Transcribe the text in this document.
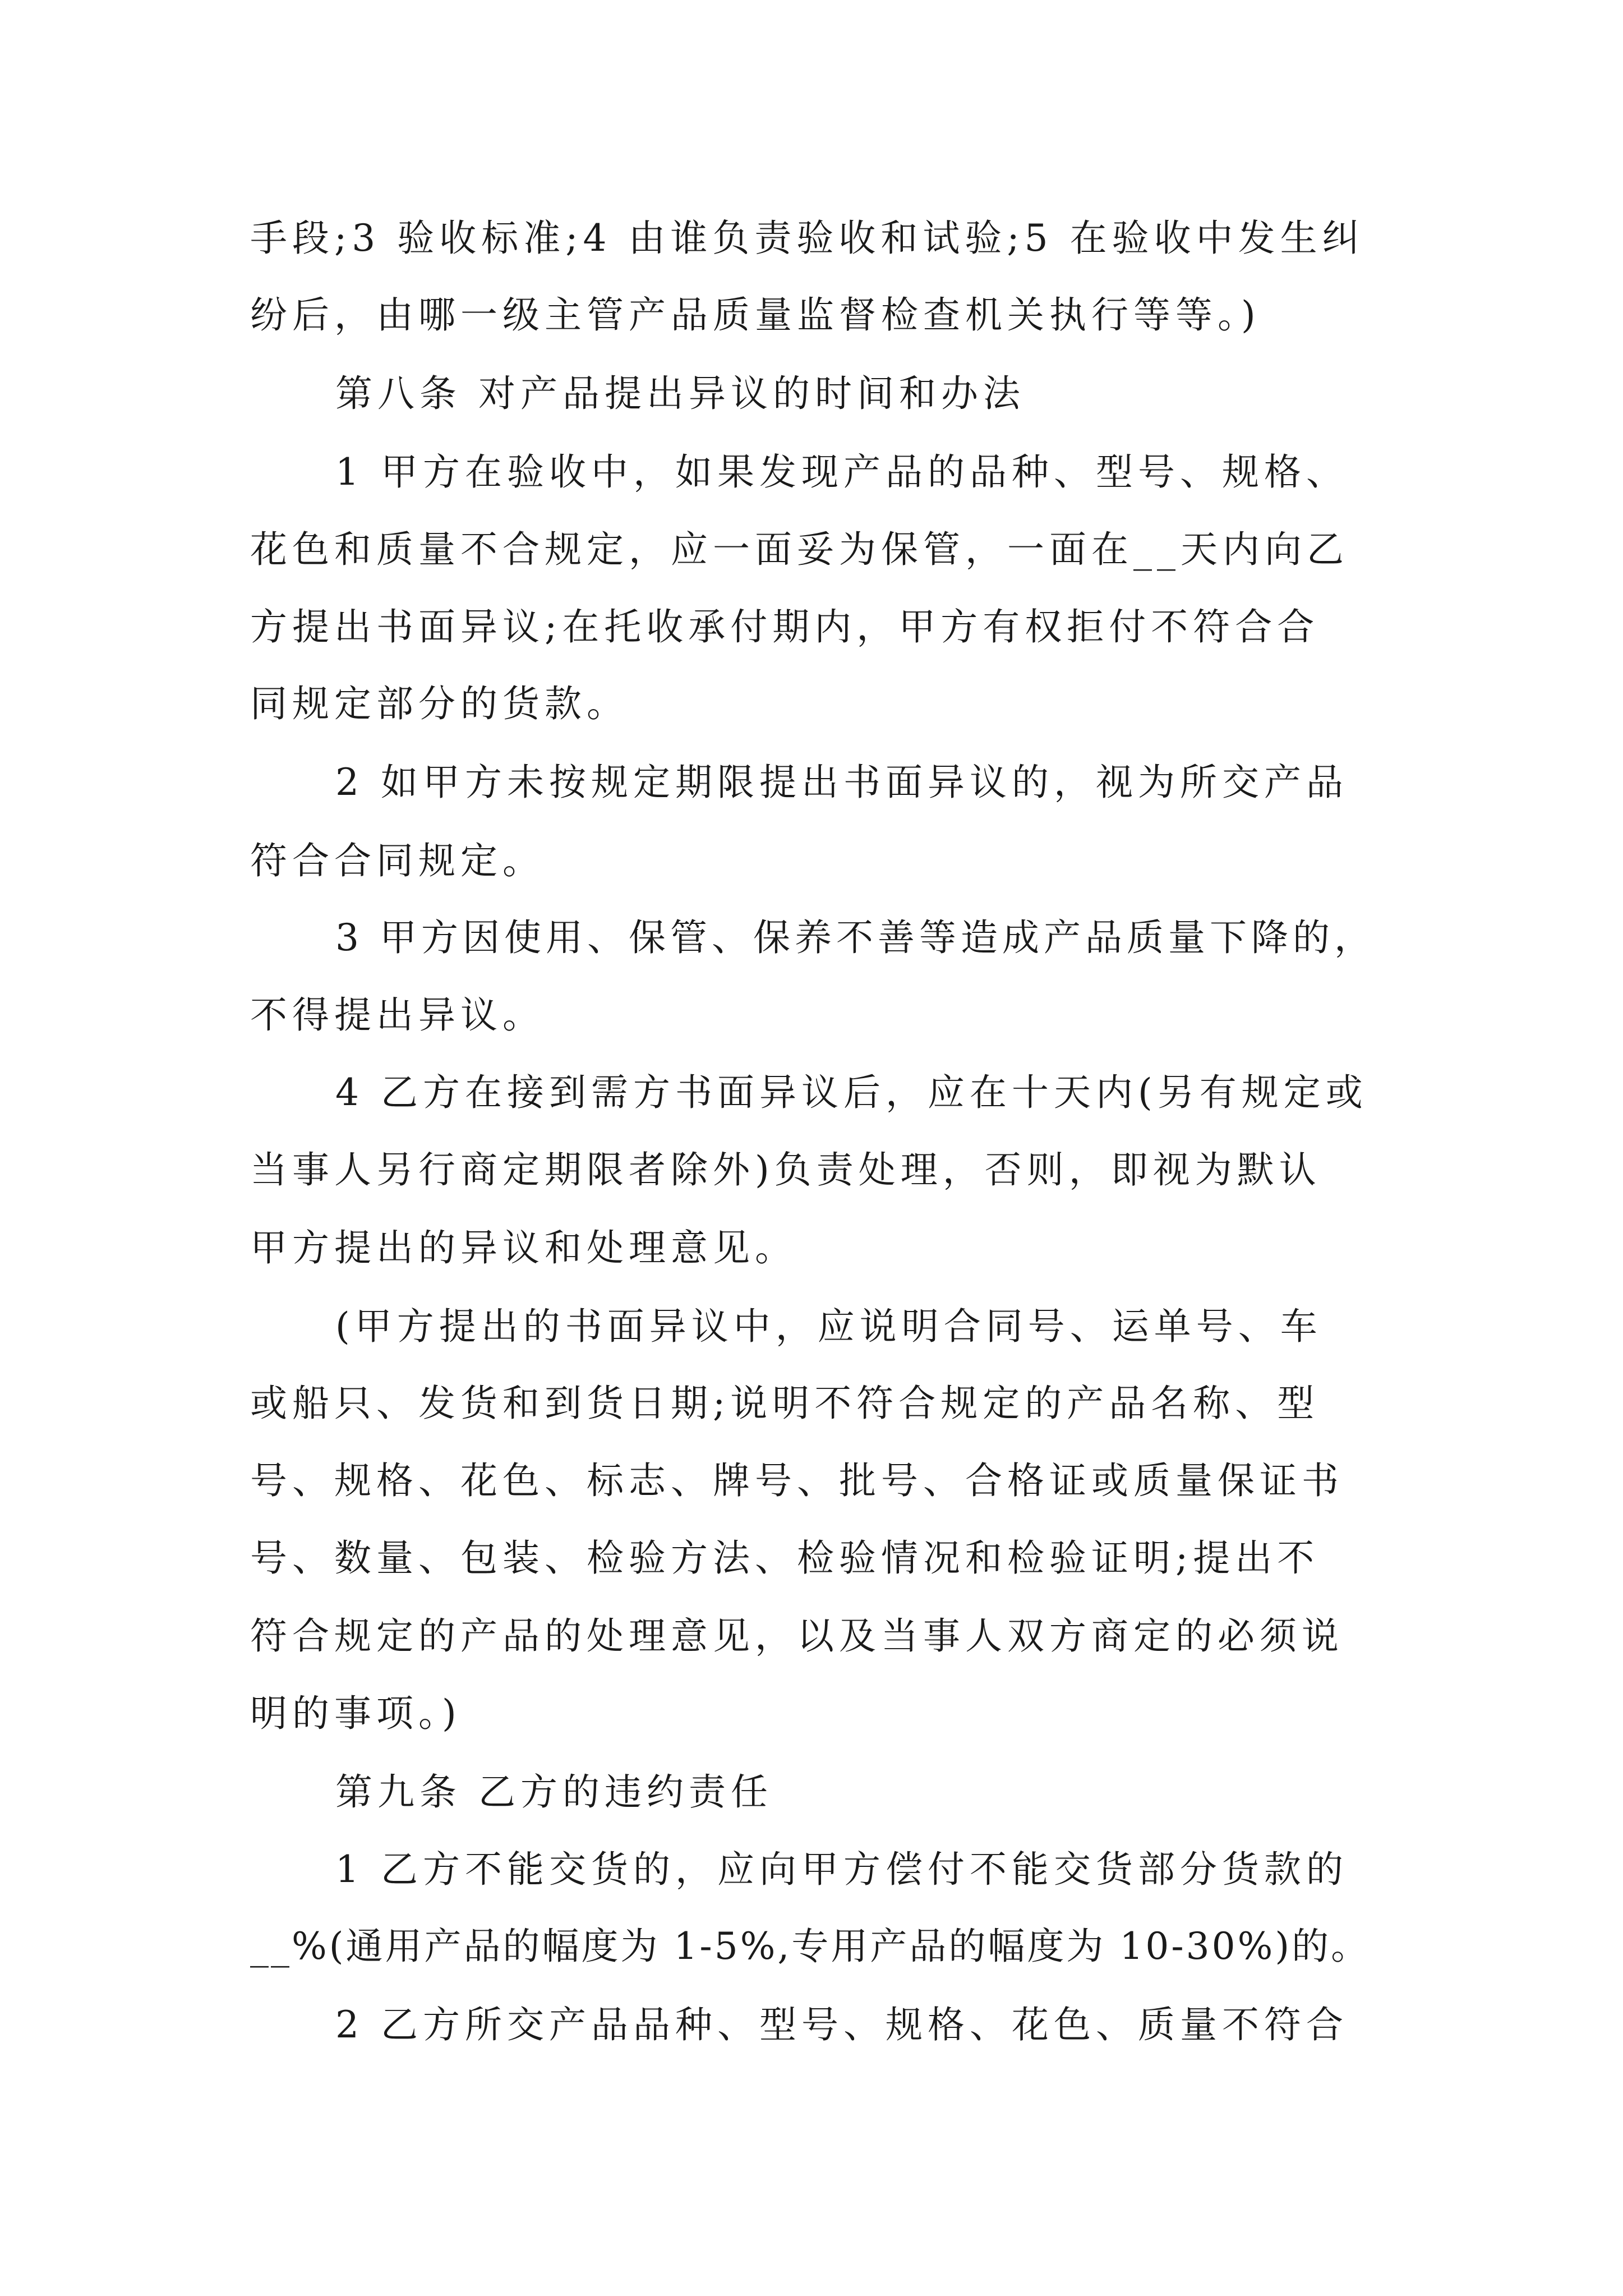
手段;3 验收标准;4 由谁负责验收和试验;5 在验收中发生纠

纷后，由哪一级主管产品质量监督检查机关执行等等。)

第八条 对产品提出异议的时间和办法

1 甲方在验收中，如果发现产品的品种、型号、规格、

花色和质量不合规定，应一面妥为保管，一面在__天内向乙

方提出书面异议;在托收承付期内，甲方有权拒付不符合合

同规定部分的货款。

2 如甲方未按规定期限提出书面异议的，视为所交产品

符合合同规定。

3 甲方因使用、保管、保养不善等造成产品质量下降的，

不得提出异议。

4 乙方在接到需方书面异议后，应在十天内(另有规定或

当事人另行商定期限者除外)负责处理，否则，即视为默认

甲方提出的异议和处理意见。

(甲方提出的书面异议中，应说明合同号、运单号、车

或船只、发货和到货日期;说明不符合规定的产品名称、型

号、规格、花色、标志、牌号、批号、合格证或质量保证书

号、数量、包装、检验方法、检验情况和检验证明;提出不

符合规定的产品的处理意见，以及当事人双方商定的必须说

明的事项。)

第九条 乙方的违约责任

1 乙方不能交货的，应向甲方偿付不能交货部分货款的

__%(通用产品的幅度为 1-5%,专用产品的幅度为 10-30%)的。

2 乙方所交产品品种、型号、规格、花色、质量不符合
